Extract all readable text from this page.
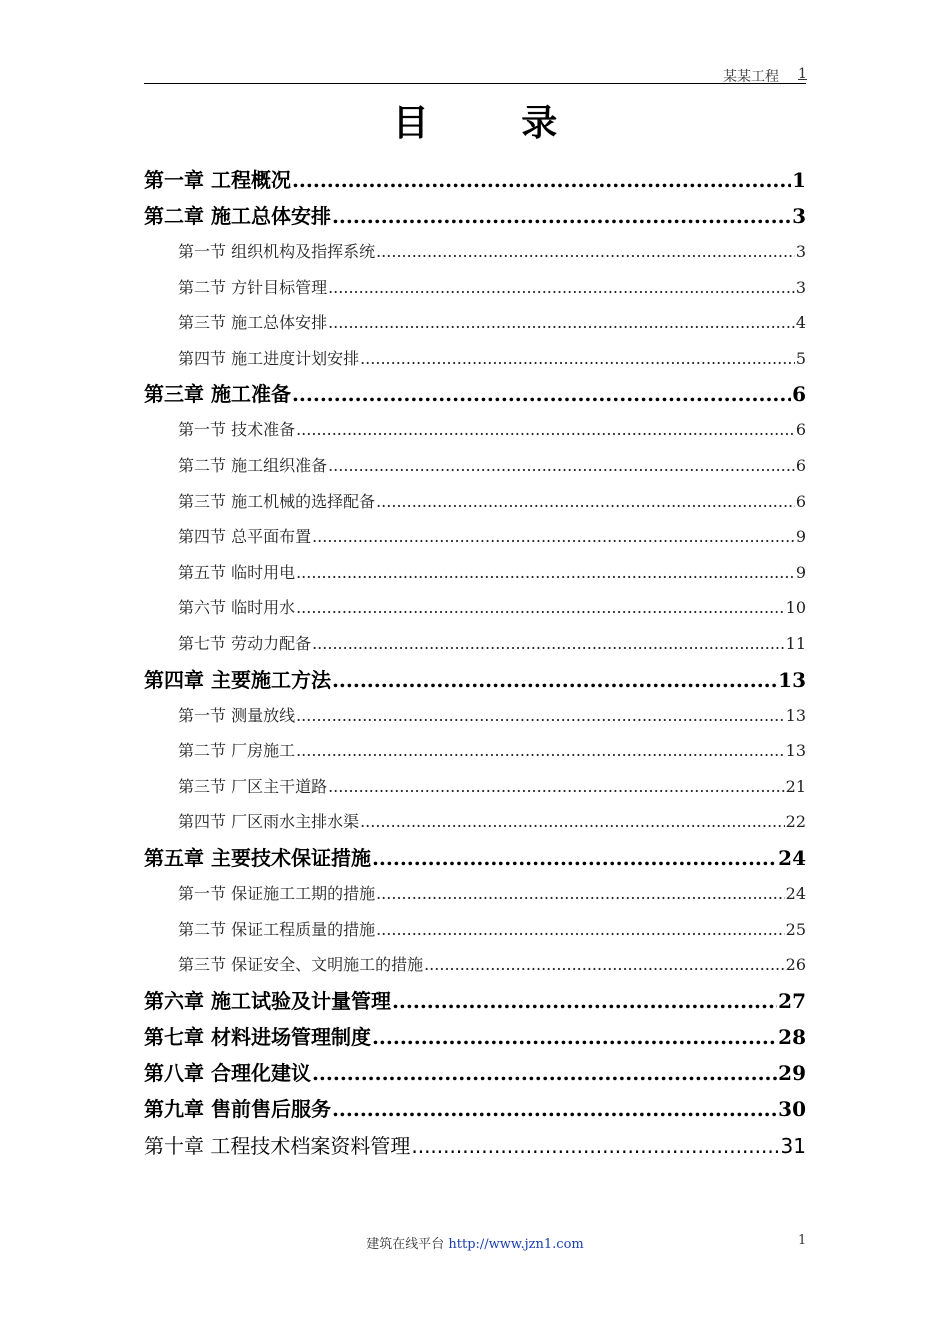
某某工程 1
目 录
第一章 工程概况 .....	1
第二章 施工总体安排 .....	3
第一节 组织机构及指挥系统 .....	3
第二节 方针目标管理 .....	3
第三节 施工总体安排 .....	4
第四节 施工进度计划安排 .....	5
第三章 施工准备 .....	6
第一节 技术准备 .....	6
第二节 施工组织准备 .....	6
第三节 施工机械的选择配备 .....	6
第四节 总平面布置 .....	9
第五节 临时用电 .....	9
第六节 临时用水 .....	10
第七节 劳动力配备 .....	11
第四章 主要施工方法 .....	13
第一节 测量放线 .....	13
第二节 厂房施工 .....	13
第三节 厂区主干道路 .....	21
第四节 厂区雨水主排水渠 .....	22
第五章 主要技术保证措施 .....	24
第一节 保证施工工期的措施 .....	24
第二节 保证工程质量的措施 .....	25
第三节 保证安全、文明施工的措施 .....	26
第六章 施工试验及计量管理 .....	27
第七章 材料进场管理制度 .....	28
第八章 合理化建议 .....	29
第九章 售前售后服务 .....	30
第十章 工程技术档案资料管理 .....	31
建筑在线平台 http://www.jzn1.com	1
